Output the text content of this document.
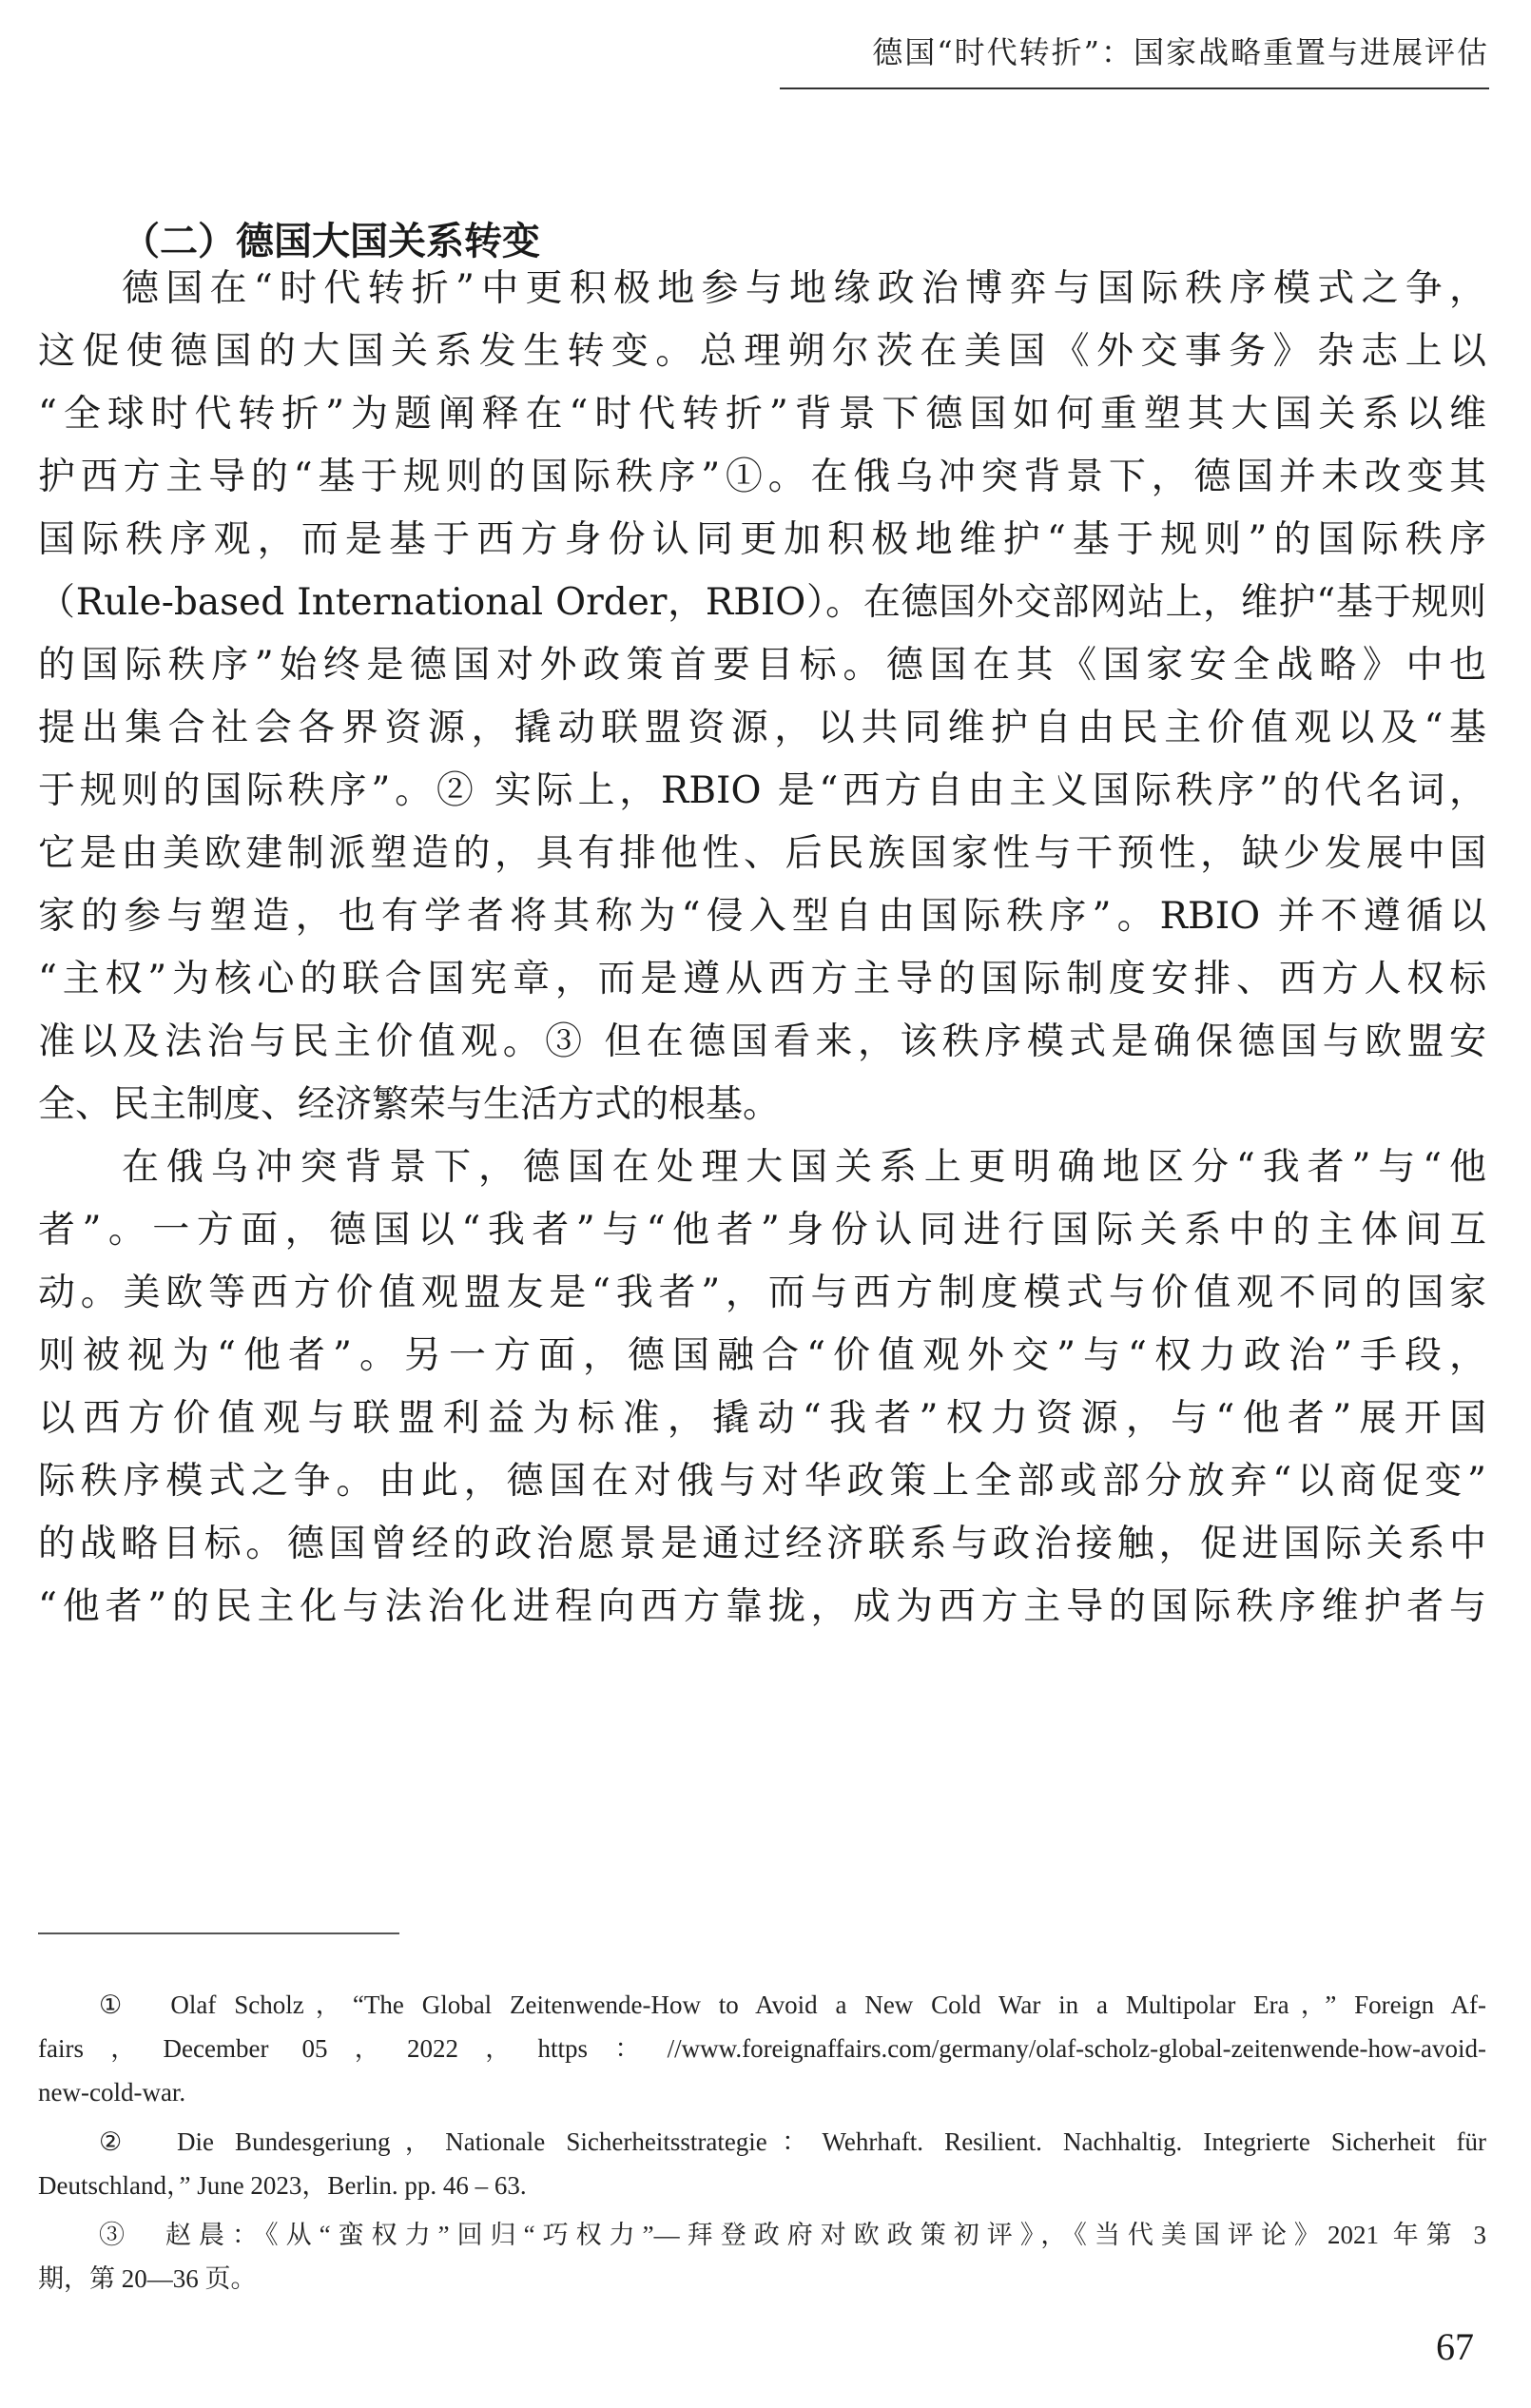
德国“时代转折”：国家战略重置与进展评估
（二）德国大国关系转变
德国在“时代转折”中更积极地参与地缘政治博弈与国际秩序模式之争，
这促使德国的大国关系发生转变。总理朔尔茨在美国《外交事务》杂志上以
“全球时代转折”为题阐释在“时代转折”背景下德国如何重塑其大国关系以维
护西方主导的“基于规则的国际秩序”①。在俄乌冲突背景下，德国并未改变其
国际秩序观，而是基于西方身份认同更加积极地维护“基于规则”的国际秩序
（Rule-based International Order，RBIO）。在德国外交部网站上，维护“基于规则
的国际秩序”始终是德国对外政策首要目标。德国在其《国家安全战略》中也
提出集合社会各界资源，撬动联盟资源，以共同维护自由民主价值观以及“基
于规则的国际秩序”。② 实际上，RBIO 是“西方自由主义国际秩序”的代名词，
它是由美欧建制派塑造的，具有排他性、后民族国家性与干预性，缺少发展中国
家的参与塑造，也有学者将其称为“侵入型自由国际秩序”。RBIO 并不遵循以
“主权”为核心的联合国宪章，而是遵从西方主导的国际制度安排、西方人权标
准以及法治与民主价值观。③ 但在德国看来，该秩序模式是确保德国与欧盟安
全、民主制度、经济繁荣与生活方式的根基。
在俄乌冲突背景下，德国在处理大国关系上更明确地区分“我者”与“他
者”。一方面，德国以“我者”与“他者”身份认同进行国际关系中的主体间互
动。美欧等西方价值观盟友是“我者”，而与西方制度模式与价值观不同的国家
则被视为“他者”。另一方面，德国融合“价值观外交”与“权力政治”手段，
以西方价值观与联盟利益为标准，撬动“我者”权力资源，与“他者”展开国
际秩序模式之争。由此，德国在对俄与对华政策上全部或部分放弃“以商促变”
的战略目标。德国曾经的政治愿景是通过经济联系与政治接触，促进国际关系中
“他者”的民主化与法治化进程向西方靠拢，成为西方主导的国际秩序维护者与
①　Olaf Scholz，“The Global Zeitenwende-How to Avoid a New Cold War in a Multipolar Era，” Foreign Af-
fairs，December 05，2022，https：//www.foreignaffairs.com/germany/olaf-scholz-global-zeitenwende-how-avoid-
new-cold-war.
②　Die Bundesgeriung，Nationale Sicherheitsstrategie：Wehrhaft. Resilient. Nachhaltig. Integrierte Sicherheit für
Deutschland，” June 2023，Berlin. pp. 46 – 63.
③　赵晨：《从“蛮权力”回归“巧权力”—拜登政府对欧政策初评》，《当代美国评论》2021 年第 3
期，第 20—36 页。
67
